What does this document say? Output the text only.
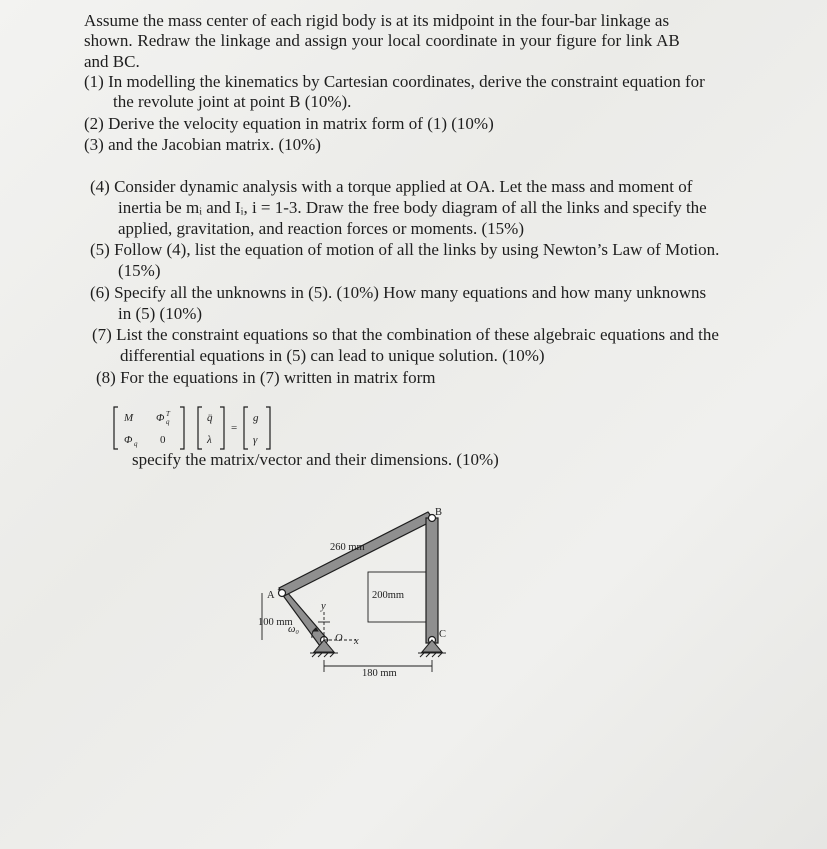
Assume the mass center of each rigid body is at its midpoint in the four-bar linkage as
shown. Redraw the linkage and assign your local coordinate in your figure for link AB
and BC.
(1) In modelling the kinematics by Cartesian coordinates, derive the constraint equation for
the revolute joint at point B (10%).
(2) Derive the velocity equation in matrix form of (1) (10%)
(3) and the Jacobian matrix. (10%)
(4) Consider dynamic analysis with a torque applied at OA. Let the mass and moment of
inertia be mᵢ and Iᵢ, i = 1-3. Draw the free body diagram of all the links and specify the
applied, gravitation, and reaction forces or moments. (15%)
(5) Follow (4), list the equation of motion of all the links by using Newton’s Law of Motion.
(15%)
(6) Specify all the unknowns in (5). (10%) How many equations and how many unknowns
in (5) (10%)
(7) List the constraint equations so that the combination of these algebraic equations and the
differential equations in (5) can lead to unique solution. (10%)
(8) For the equations in (7) written in matrix form
M Φ T
q
Φ q 0
q̈
λ
=
g
γ
specify the matrix/vector and their dimensions. (10%)
B
A
C
O
y
x
ω₀
260 mm
200mm
100 mm
180 mm
